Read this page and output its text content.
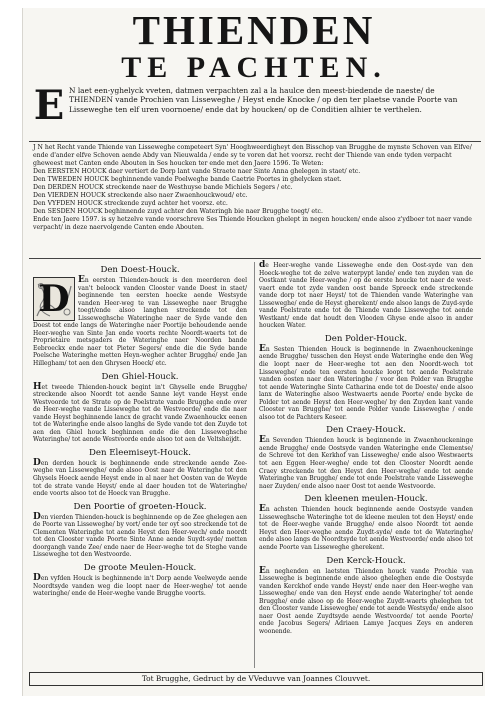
THIENDEN
TE PACHTEN.
E N laet een-yghelyck vveten, datmen verpachten zal a la haulce den meest-biedende de naeste/ de THIENDEN vande Prochien van Lisseweghe / Heyst ende Knocke / op den ter plaetse vande Poorte van Lisseweghe ten elf uren voornoene/ ende dat by houcken/ op de Conditien alhier te verthelen.

J N het Recht vande Thiende van Lisseweghe competeert Syn' Hooghweerdigheyt den Bisschop van Brugghe de mynste Schoven van Elfve/ ende d'ander elfve Schoven aende Abdy van Nieuwalda / ende sy te voren dat het voorsz. recht der Thiende van ende tyden verpacht gheweest met Canten ende Abouten in Ses houcken ter ende met den Jaere 1596. Te Weten:

Den EERSTEN HOUCK daer vertiert de Dorp lant vande Straete naer Sinte Anna ghelegen in staet/ etc.

Den TWEEDEN HOUCK beghinnende vande Poelweghe bande Caetrie Poortes in ghelycken staet.

Den DERDEN HOUCK streckende naer de Westhuyse bande Michiels Segers / etc.

Den VIERDEN HOUCK streckende also naer Zwaenhouckwoud/ etc.

Den VYFDEN HOUCK streckende zuyd achter het voorsz. etc.

Den SESDEN HOUCK beghinnende zuyd achter den Wateringh bie naer Brugghe toegt/ etc.

Ende ten Jaere 1597. is sy hetzelve vande voorschreve Ses Thiende Houcken ghelept in negen houcken/ ende alsoo z'ydboer tot naer vande verpacht/ in deze naervolgende Canten ende Abouten.

Den Doest-Houck.
D	En eersten Thienden-houck is den meerderen deel van't beloock vanden Clooster vande Doest in staet/ beginnende ten eersten hoecke aende Westsyde vanden Heer-weg te van Lisseweghe naer Brugghe toegt/ende alsoo langhen streckende tot den Lisseweghsche Wateringhe naer de Syde vande den Doest tot ende langs de Wateringhe naer Poortije behoudende aende Heer-weghe van Sinte Jan ende voorts rechte Noordt-waerts tot de Proprietaire metsgaders de Wateringhe naer Noorden bande Eebroeckx ende naer tot Pieter Segers/ ende die die Syde bande Poelsche Wateringhe metten Heyn-wegher achter Brugghe/ ende Jan Hillegham/ tot aen den Ghrysen Hoeck/ etc.

Den Ghiel-Houck.

Het tweede Thienden-houck begint in't Ghyselle ende Brugghe/ streckende alsoo Noordt tot aende Sanne leyt vande Heyst ende Westvoorde tot de Strate op de Poelstrate vande Brugghe ende over de Heer-weghe vande Lisseweghe tot de Westvoorde/ ende die naer vande Heyst beghinnende lancx de gracht vande Zwaenhouckx eenen tot de Wateringhe ende alsoo langhs de Syde vande tot den Zuyde tot aen den Ghiel houck beghinnen ende die den Lisseweghsche Wateringhe/ tot aende Westvoorde ende alsoo tot aen de Veltsheijdt.

Den Eleemiseyt-Houck.

Den derden houck is beghinnende ende streckende aende Zee-weghe van Lisseweghe/ ende alsoo Oost naer de Wateringhe tot den Ghysels Hoeck aende Heyst ende in al naer het Oosten van de Weyde tot de strate vande Heyst/ ende al daer houden tot de Wateringhe/ ende voorts alsoo tot de Hoeck van Brugghe.

Den Poortie of groeten-Houck.

Den vierden Thienden-houck is beghinnende op de Zee ghelegen aen de Poorte van Lisseweghe/ by vort/ ende ter oyt soo streckende tot de Clementen Wateringhe tot aende Heyst den Heer-wech/ ende noordt tot den Clooster vande Poorte Sinte Anne aende Suydt-syde/ metten doorgangh vande Zee/ ende naer de Heer-weghe tot de Steghe vande Lisseweghe tot den Westvoorde.

De groote Meulen-Houck.

Den vyfden Houck is beghinnende in't Dorp aende Veelweyde aende Noordtsyde vanden weg die loopt naer de Heer-weghe/ tot aende wateringhe/ ende de Heer-weghe vande Brugghe voorts.

de Heer-weghe vande Lisseweghe ende den Oost-syde van den Hoeck-weghe tot de zelve waterpypt lande/ ende ten zuyden van de Oostkant vande Heer-weghe / op de eerste houcke tot naer de west-vaert ende tot zyde vanden oost bande Spreeck ende streckende vande dorp tot naer Heyst/ tot de Thienden vande Wateringhe van Lisseweghe/ ende de Heyst gherekent/ ende alsoo langs de Zuyd-syde vande Poelstrate ende tot de Thiende vande Lisseweghe tot aende Westkant/ ende dat houdt den Vlooden Ghyse ende alsoo in ander houcken Water.

Den Polder-Houck.

En Sesten Thienden Houck is beginnende in Zwaenhouckeninge aende Brugghe/ tusschen den Heyst ende Wateringhe ende den Weg die loopt naer de Heer-weghe tot aen den Noordt-wech tot Lisseweghe/ ende ten eersten houcke loopt tot aende Poelstrate vanden oosten naer den Wateringhe / voor den Polder van Brugghe tot aende Wateringhe Sinte Catharina ende tot de Doeste/ ende alsoo lanx de Wateringhe alsoo Westwaerts aende Poorte/ ende bycke de Polder tot aende Heyst den Heer-weghe/ by den Zuyden kant vande Clooster van Brugghe/ tot aende Polder vande Lisseweghe / ende alsoo tot de Pachters Keseer.

Den Craey-Houck.

En Sevenden Thienden houck is beginnende in Zwaenhouckeninge aende Brugghe/ ende Oostsyde vanden Wateringhe ende Clementse/ de Schreve tot den Kerkhof van Lisseweghe/ ende alsoo Westwaerts tot aen Eggen Heer-weghe/ ende tot den Clooster Noordt aende Craey streckende tot den Heyst den Heer-weghe/ ende tot aende Wateringhe van Brugghe/ ende tot ende Poelstrate vande Lisseweghe naer Zuyden/ ende alsoo naer Oost tot aende Westvoorde.

Den kleenen meulen-Houck.

En achsten Thienden houck beginnende aende Oostsyde vanden Lisseweghsche Wateringhe tot de kleene meulen tot den Heyst/ ende tot de Heer-weghe vande Brugghe/ ende alsoo Noordt tot aende Heyst den Heer-weghe aende Zuydt-syde/ ende tot de Wateringhe/ ende alsoo langs de Noordtsyde tot aende Westvoorde/ ende alsoo tot aende Poorte van Lisseweghe gherekent.

Den Kerck-Houck.

En neghenden en laetsten Thienden houck vande Prochie van Lisseweghe is beginnende ende alsoo gheleghen ende die Oostsyde vanden Kerckhof ende vande Heyst/ ende naer den Heer-weghe van Lisseweghe/ ende van den Heyst ende aende Wateringhe/ tot aende Brugghe/ ende alsoo op de Heer-weghe Zuydt-waerts gheleghen tot den Clooster vande Lisseweghe/ ende tot aende Westsyde/ ende alsoo naer Oost aende Zuydtsyde aende Westvoorde/ tot aende Poorte/ ende Jacobus Segers/ Adriaen Lamye Jacques Zeys en anderen woonende.

Tot Brugghe, Gedruct by de VVeduvve van Joannes Clouvvet.
